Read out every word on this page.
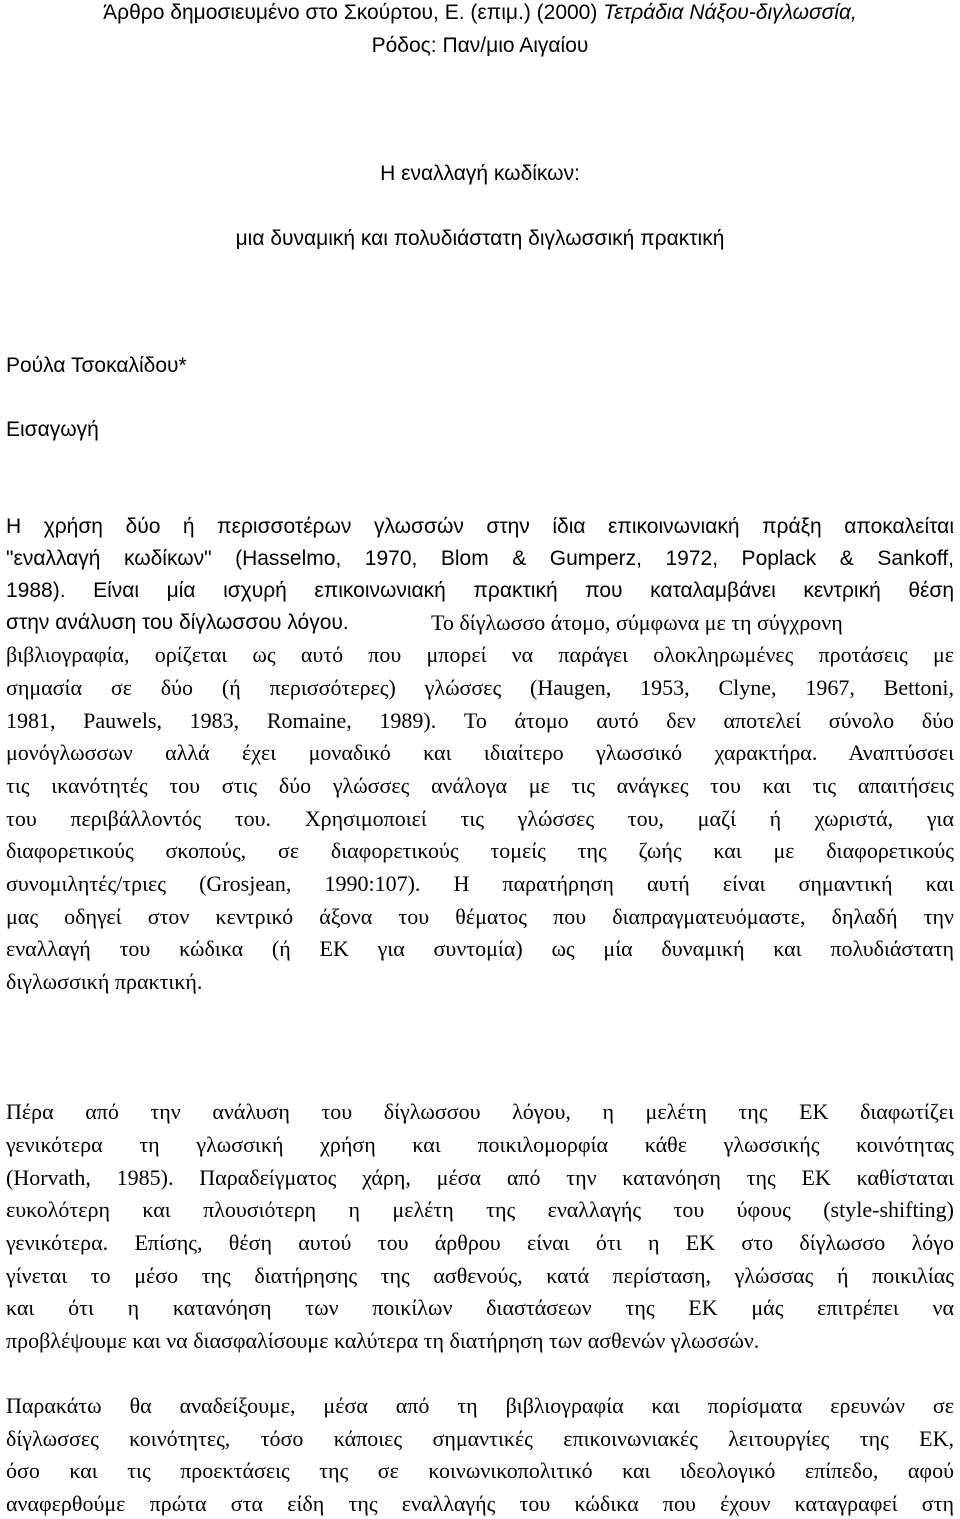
Άρθρο δημοσιευμένο στο Σκούρτου, Ε. (επιμ.) (2000) Τετράδια Νάξου-διγλωσσία,
Ρόδος: Παν/μιο Αιγαίου
Η εναλλαγή κωδίκων:
μια δυναμική και πολυδιάστατη διγλωσσική πρακτική
Ρούλα Τσοκαλίδου*
Εισαγωγή
Η χρήση δύο ή περισσοτέρων γλωσσών στην ίδια επικοινωνιακή πράξη αποκαλείται
"εναλλαγή κωδίκων" (Hasselmo, 1970, Blom & Gumperz, 1972, Poplack & Sankoff,
1988). Είναι μία ισχυρή επικοινωνιακή πρακτική που καταλαμβάνει κεντρική θέση
στην ανάλυση του δίγλωσσου λόγου.	Το δίγλωσσο άτομο, σύμφωνα με τη σύγχρονη
βιβλιογραφία, ορίζεται ως αυτό που μπορεί να παράγει ολοκληρωμένες προτάσεις με
σημασία σε δύο (ή περισσότερες) γλώσσες (Haugen, 1953, Clyne, 1967, Bettoni,
1981, Pauwels, 1983, Romaine, 1989). Το άτομο αυτό δεν αποτελεί σύνολο δύο
μονόγλωσσων αλλά έχει μοναδικό και ιδιαίτερο γλωσσικό χαρακτήρα. Αναπτύσσει
τις ικανότητές του στις δύο γλώσσες ανάλογα με τις ανάγκες του και τις απαιτήσεις
του περιβάλλοντός του. Χρησιμοποιεί τις γλώσσες του, μαζί ή χωριστά, για
διαφορετικούς σκοπούς, σε διαφορετικούς τομείς της ζωής και με διαφορετικούς
συνομιλητές/τριες (Grosjean, 1990:107). Η παρατήρηση αυτή είναι σημαντική και
μας οδηγεί στον κεντρικό άξονα του θέματος που διαπραγματευόμαστε, δηλαδή την
εναλλαγή του κώδικα (ή ΕΚ για συντομία) ως μία δυναμική και πολυδιάστατη
διγλωσσική πρακτική.
Πέρα από την ανάλυση του δίγλωσσου λόγου, η μελέτη της ΕΚ διαφωτίζει
γενικότερα τη γλωσσική χρήση και ποικιλομορφία κάθε γλωσσικής κοινότητας
(Horvath, 1985). Παραδείγματος χάρη, μέσα από την κατανόηση της ΕΚ καθίσταται
ευκολότερη και πλουσιότερη η μελέτη της εναλλαγής του ύφους (style-shifting)
γενικότερα. Επίσης, θέση αυτού του άρθρου είναι ότι η ΕΚ στο δίγλωσσο λόγο
γίνεται το μέσο της διατήρησης της ασθενούς, κατά περίσταση, γλώσσας ή ποικιλίας
και ότι η κατανόηση των ποικίλων διαστάσεων της ΕΚ μάς επιτρέπει να
προβλέψουμε και να διασφαλίσουμε καλύτερα τη διατήρηση των ασθενών γλωσσών.
Παρακάτω θα αναδείξουμε, μέσα από τη βιβλιογραφία και πορίσματα ερευνών σε
δίγλωσσες κοινότητες, τόσο κάποιες σημαντικές επικοινωνιακές λειτουργίες της ΕΚ,
όσο και τις προεκτάσεις της σε κοινωνικοπολιτικό και ιδεολογικό επίπεδο, αφού
αναφερθούμε πρώτα στα είδη της εναλλαγής του κώδικα που έχουν καταγραφεί στη
